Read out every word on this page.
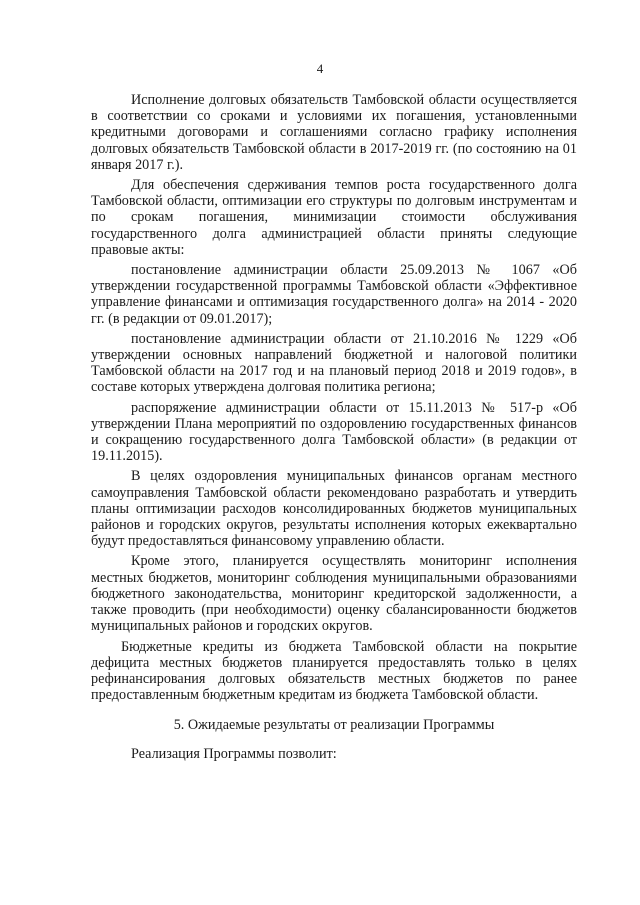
4

Исполнение долговых обязательств Тамбовской области осуществляется в соответствии со сроками и условиями их погашения, установленными кредитными договорами и соглашениями согласно графику исполнения долговых обязательств Тамбовской области в 2017-2019 гг. (по состоянию на 01 января 2017 г.).

Для обеспечения сдерживания темпов роста государственного долга Тамбовской области, оптимизации его структуры по долговым инструментам и по срокам погашения, минимизации стоимости обслуживания государственного долга администрацией области приняты следующие правовые акты:

постановление администрации области 25.09.2013 № 1067 «Об утверждении государственной программы Тамбовской области «Эффективное управление финансами и оптимизация государственного долга» на 2014 - 2020 гг. (в редакции от 09.01.2017);

постановление администрации области от 21.10.2016 № 1229 «Об утверждении основных направлений бюджетной и налоговой политики Тамбовской области на 2017 год и на плановый период 2018 и 2019 годов», в составе которых утверждена долговая политика региона;

распоряжение администрации области от 15.11.2013 № 517-р «Об утверждении Плана мероприятий по оздоровлению государственных финансов и сокращению государственного долга Тамбовской области» (в редакции от 19.11.2015).

В целях оздоровления муниципальных финансов органам местного самоуправления Тамбовской области рекомендовано разработать и утвердить планы оптимизации расходов консолидированных бюджетов муниципальных районов и городских округов, результаты исполнения которых ежеквартально будут предоставляться финансовому управлению области.

Кроме этого, планируется осуществлять мониторинг исполнения местных бюджетов, мониторинг соблюдения муниципальными образованиями бюджетного законодательства, мониторинг кредиторской задолженности, а также проводить (при необходимости) оценку сбалансированности бюджетов муниципальных районов и городских округов.

Бюджетные кредиты из бюджета Тамбовской области на покрытие дефицита местных бюджетов планируется предоставлять только в целях рефинансирования долговых обязательств местных бюджетов по ранее предоставленным бюджетным кредитам из бюджета Тамбовской области.

5. Ожидаемые результаты от реализации Программы

Реализация Программы позволит:
